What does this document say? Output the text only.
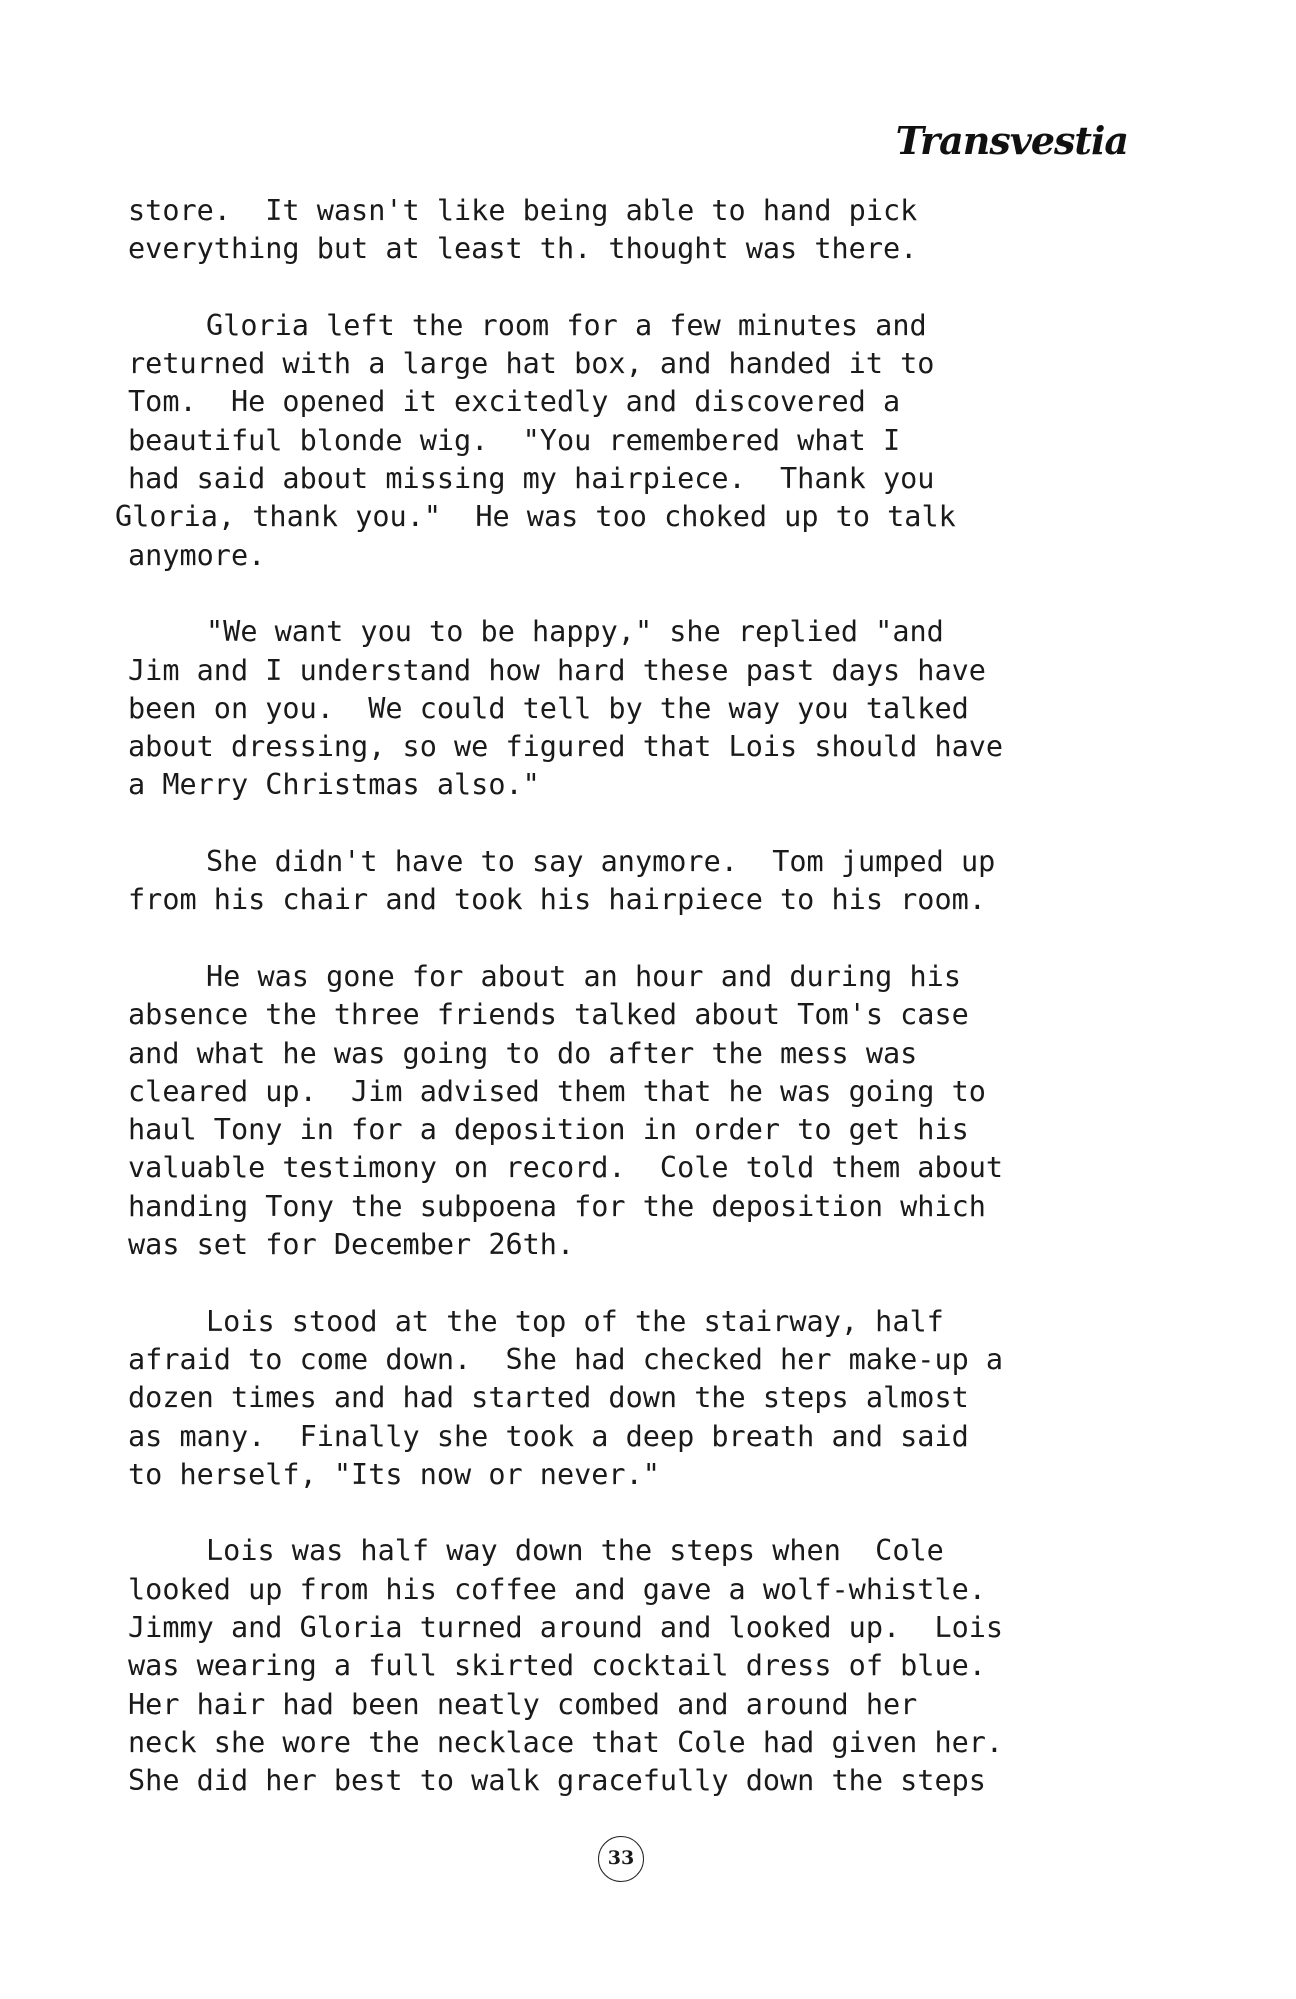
Transvestia
store.  It wasn't like being able to hand pick
everything but at least th. thought was there.
Gloria left the room for a few minutes and
returned with a large hat box, and handed it to
Tom.  He opened it excitedly and discovered a
beautiful blonde wig.  "You remembered what I
had said about missing my hairpiece.  Thank you
Gloria, thank you."  He was too choked up to talk
anymore.
"We want you to be happy," she replied "and
Jim and I understand how hard these past days have
been on you.  We could tell by the way you talked
about dressing, so we figured that Lois should have
a Merry Christmas also."
She didn't have to say anymore.  Tom jumped up
from his chair and took his hairpiece to his room.
He was gone for about an hour and during his
absence the three friends talked about Tom's case
and what he was going to do after the mess was
cleared up.  Jim advised them that he was going to
haul Tony in for a deposition in order to get his
valuable testimony on record.  Cole told them about
handing Tony the subpoena for the deposition which
was set for December 26th.
Lois stood at the top of the stairway, half
afraid to come down.  She had checked her make-up a
dozen times and had started down the steps almost
as many.  Finally she took a deep breath and said
to herself, "Its now or never."
Lois was half way down the steps when  Cole
looked up from his coffee and gave a wolf-whistle.
Jimmy and Gloria turned around and looked up.  Lois
was wearing a full skirted cocktail dress of blue.
Her hair had been neatly combed and around her
neck she wore the necklace that Cole had given her.
She did her best to walk gracefully down the steps
33
